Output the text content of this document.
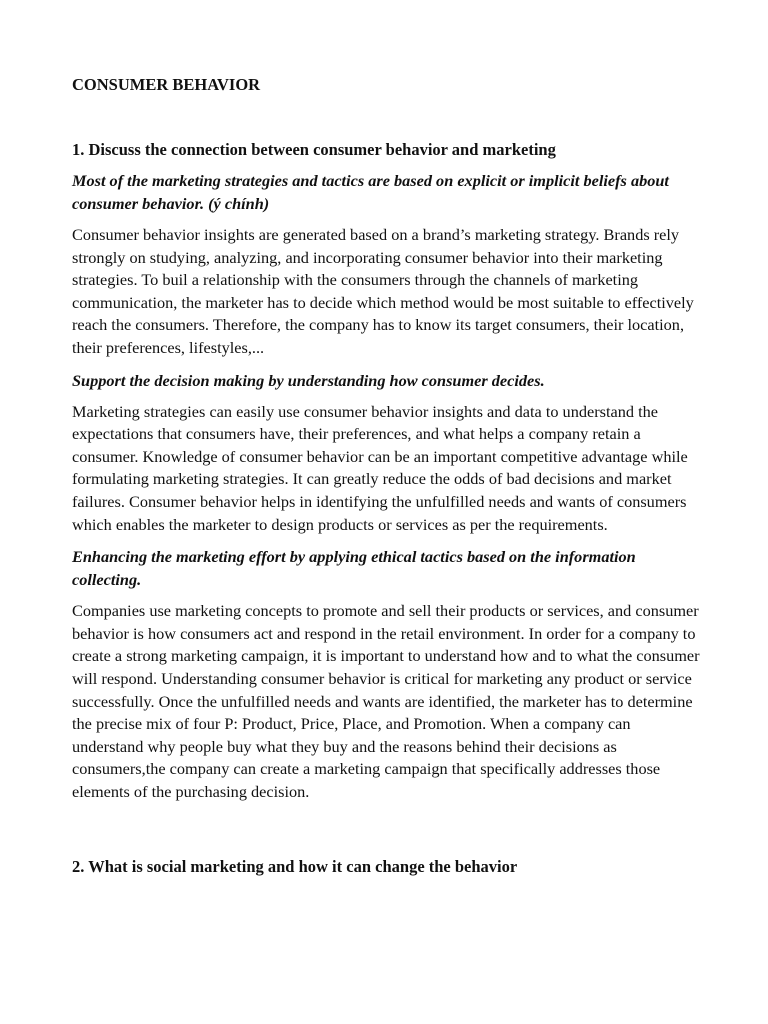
CONSUMER BEHAVIOR
1. Discuss the connection between consumer behavior and marketing

Most of the marketing strategies and tactics are based on explicit or implicit beliefs about consumer behavior. (ý chính)

Consumer behavior insights are generated based on a brand’s marketing strategy. Brands rely strongly on studying, analyzing, and incorporating consumer behavior into their marketing strategies. To buil a relationship with the consumers through the channels of marketing communication, the marketer has to decide which method would be most suitable to effectively reach the consumers. Therefore, the company has to know its target consumers, their location, their preferences, lifestyles,...

Support the decision making by understanding how consumer decides.

Marketing strategies can easily use consumer behavior insights and data to understand the expectations that consumers have, their preferences, and what helps a company retain a consumer. Knowledge of consumer behavior can be an important competitive advantage while formulating marketing strategies. It can greatly reduce the odds of bad decisions and market failures. Consumer behavior helps in identifying the unfulfilled needs and wants of consumers which enables the marketer to design products or services as per the requirements.

Enhancing the marketing effort by applying ethical tactics based on the information collecting.

Companies use marketing concepts to promote and sell their products or services, and consumer behavior is how consumers act and respond in the retail environment. In order for a company to create a strong marketing campaign, it is important to understand how and to what the consumer will respond. Understanding consumer behavior is critical for marketing any product or service successfully. Once the unfulfilled needs and wants are identified, the marketer has to determine the precise mix of four P: Product, Price, Place, and Promotion. When a company can understand why people buy what they buy and the reasons behind their decisions as consumers,the company can create a marketing campaign that specifically addresses those elements of the purchasing decision.

2. What is social marketing and how it can change the behavior
